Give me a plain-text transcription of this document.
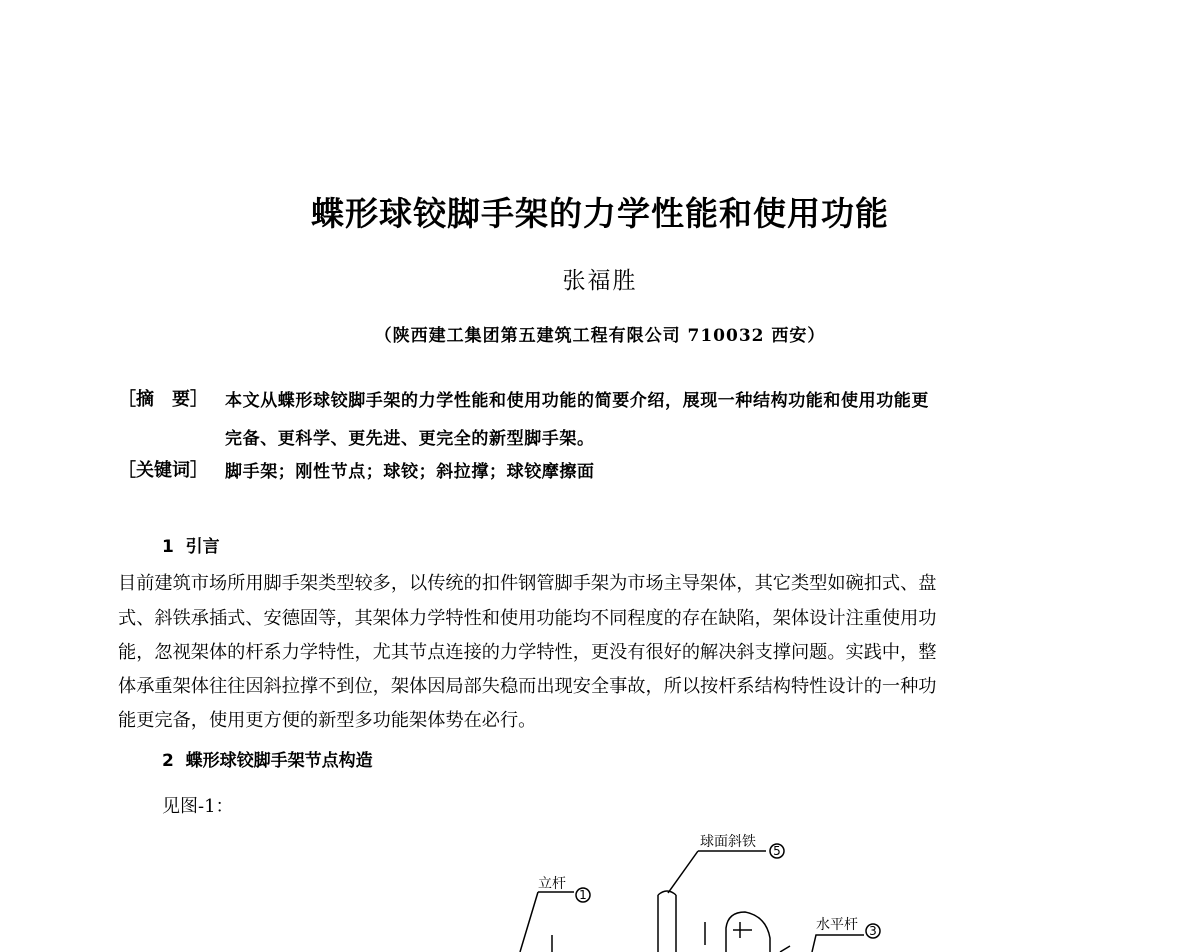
蝶形球铰脚手架的力学性能和使用功能
张福胜
（陕西建工集团第五建筑工程有限公司 710032 西安）
［摘　要］ 本文从蝶形球铰脚手架的力学性能和使用功能的简要介绍，展现一种结构功能和使用功能更
完备、更科学、更先进、更完全的新型脚手架。
［关键词］ 脚手架；刚性节点；球铰；斜拉撑；球铰摩擦面
1  引言
目前建筑市场所用脚手架类型较多，以传统的扣件钢管脚手架为市场主导架体，其它类型如碗扣式、盘
式、斜铁承插式、安德固等，其架体力学特性和使用功能均不同程度的存在缺陷，架体设计注重使用功
能，忽视架体的杆系力学特性，尤其节点连接的力学特性，更没有很好的解决斜支撑问题。实践中，整
体承重架体往往因斜拉撑不到位，架体因局部失稳而出现安全事故，所以按杆系结构特性设计的一种功
能更完备，使用更方便的新型多功能架体势在必行。
2  蝶形球铰脚手架节点构造
见图-1：
球面斜铁
5
立杆
1
水平杆 3
